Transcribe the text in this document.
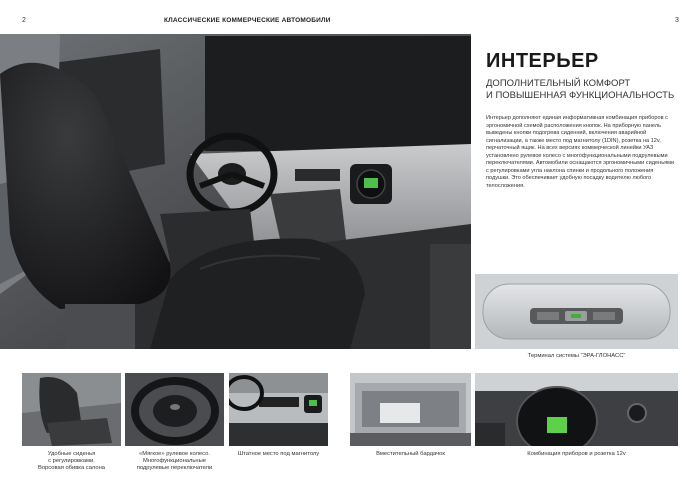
2	КЛАССИЧЕСКИЕ КОММЕРЧЕСКИЕ АВТОМОБИЛИ	3
ИНТЕРЬЕР
ДОПОЛНИТЕЛЬНЫЙ КОМФОРТ
И ПОВЫШЕННАЯ ФУНКЦИОНАЛЬНОСТЬ
Интерьер дополняют единая информативная комбинация приборов с эргономичной схемой расположения кнопок. На приборную панель выведены кнопки подогрева сиденний, включения аварийной сигнализации, а также место под магнитолу (1DIN), розетка на 12v, перчаточный ящик. На всех версиях коммерческой линейки УАЗ установлено рулевое колесо с многофункциональными подрулевыми переключателями. Автомобили оснащаются эргономичными сиденьями с регулировками угла наклона спинки и продольного положения подушки. Это обеспечивает удобную посадку водителю любого телосложения.
Терминал системы “ЭРА-ГЛОНАСС”
Удобные сиденья
с регулировками.
Ворсовая обивка салона
«Мягкое» рулевое колесо.
Многофункциональные
подрулевые переключатели
Штатное место под магнитолу	Вместительный бардачок	Комбинация приборов и розетка 12v
